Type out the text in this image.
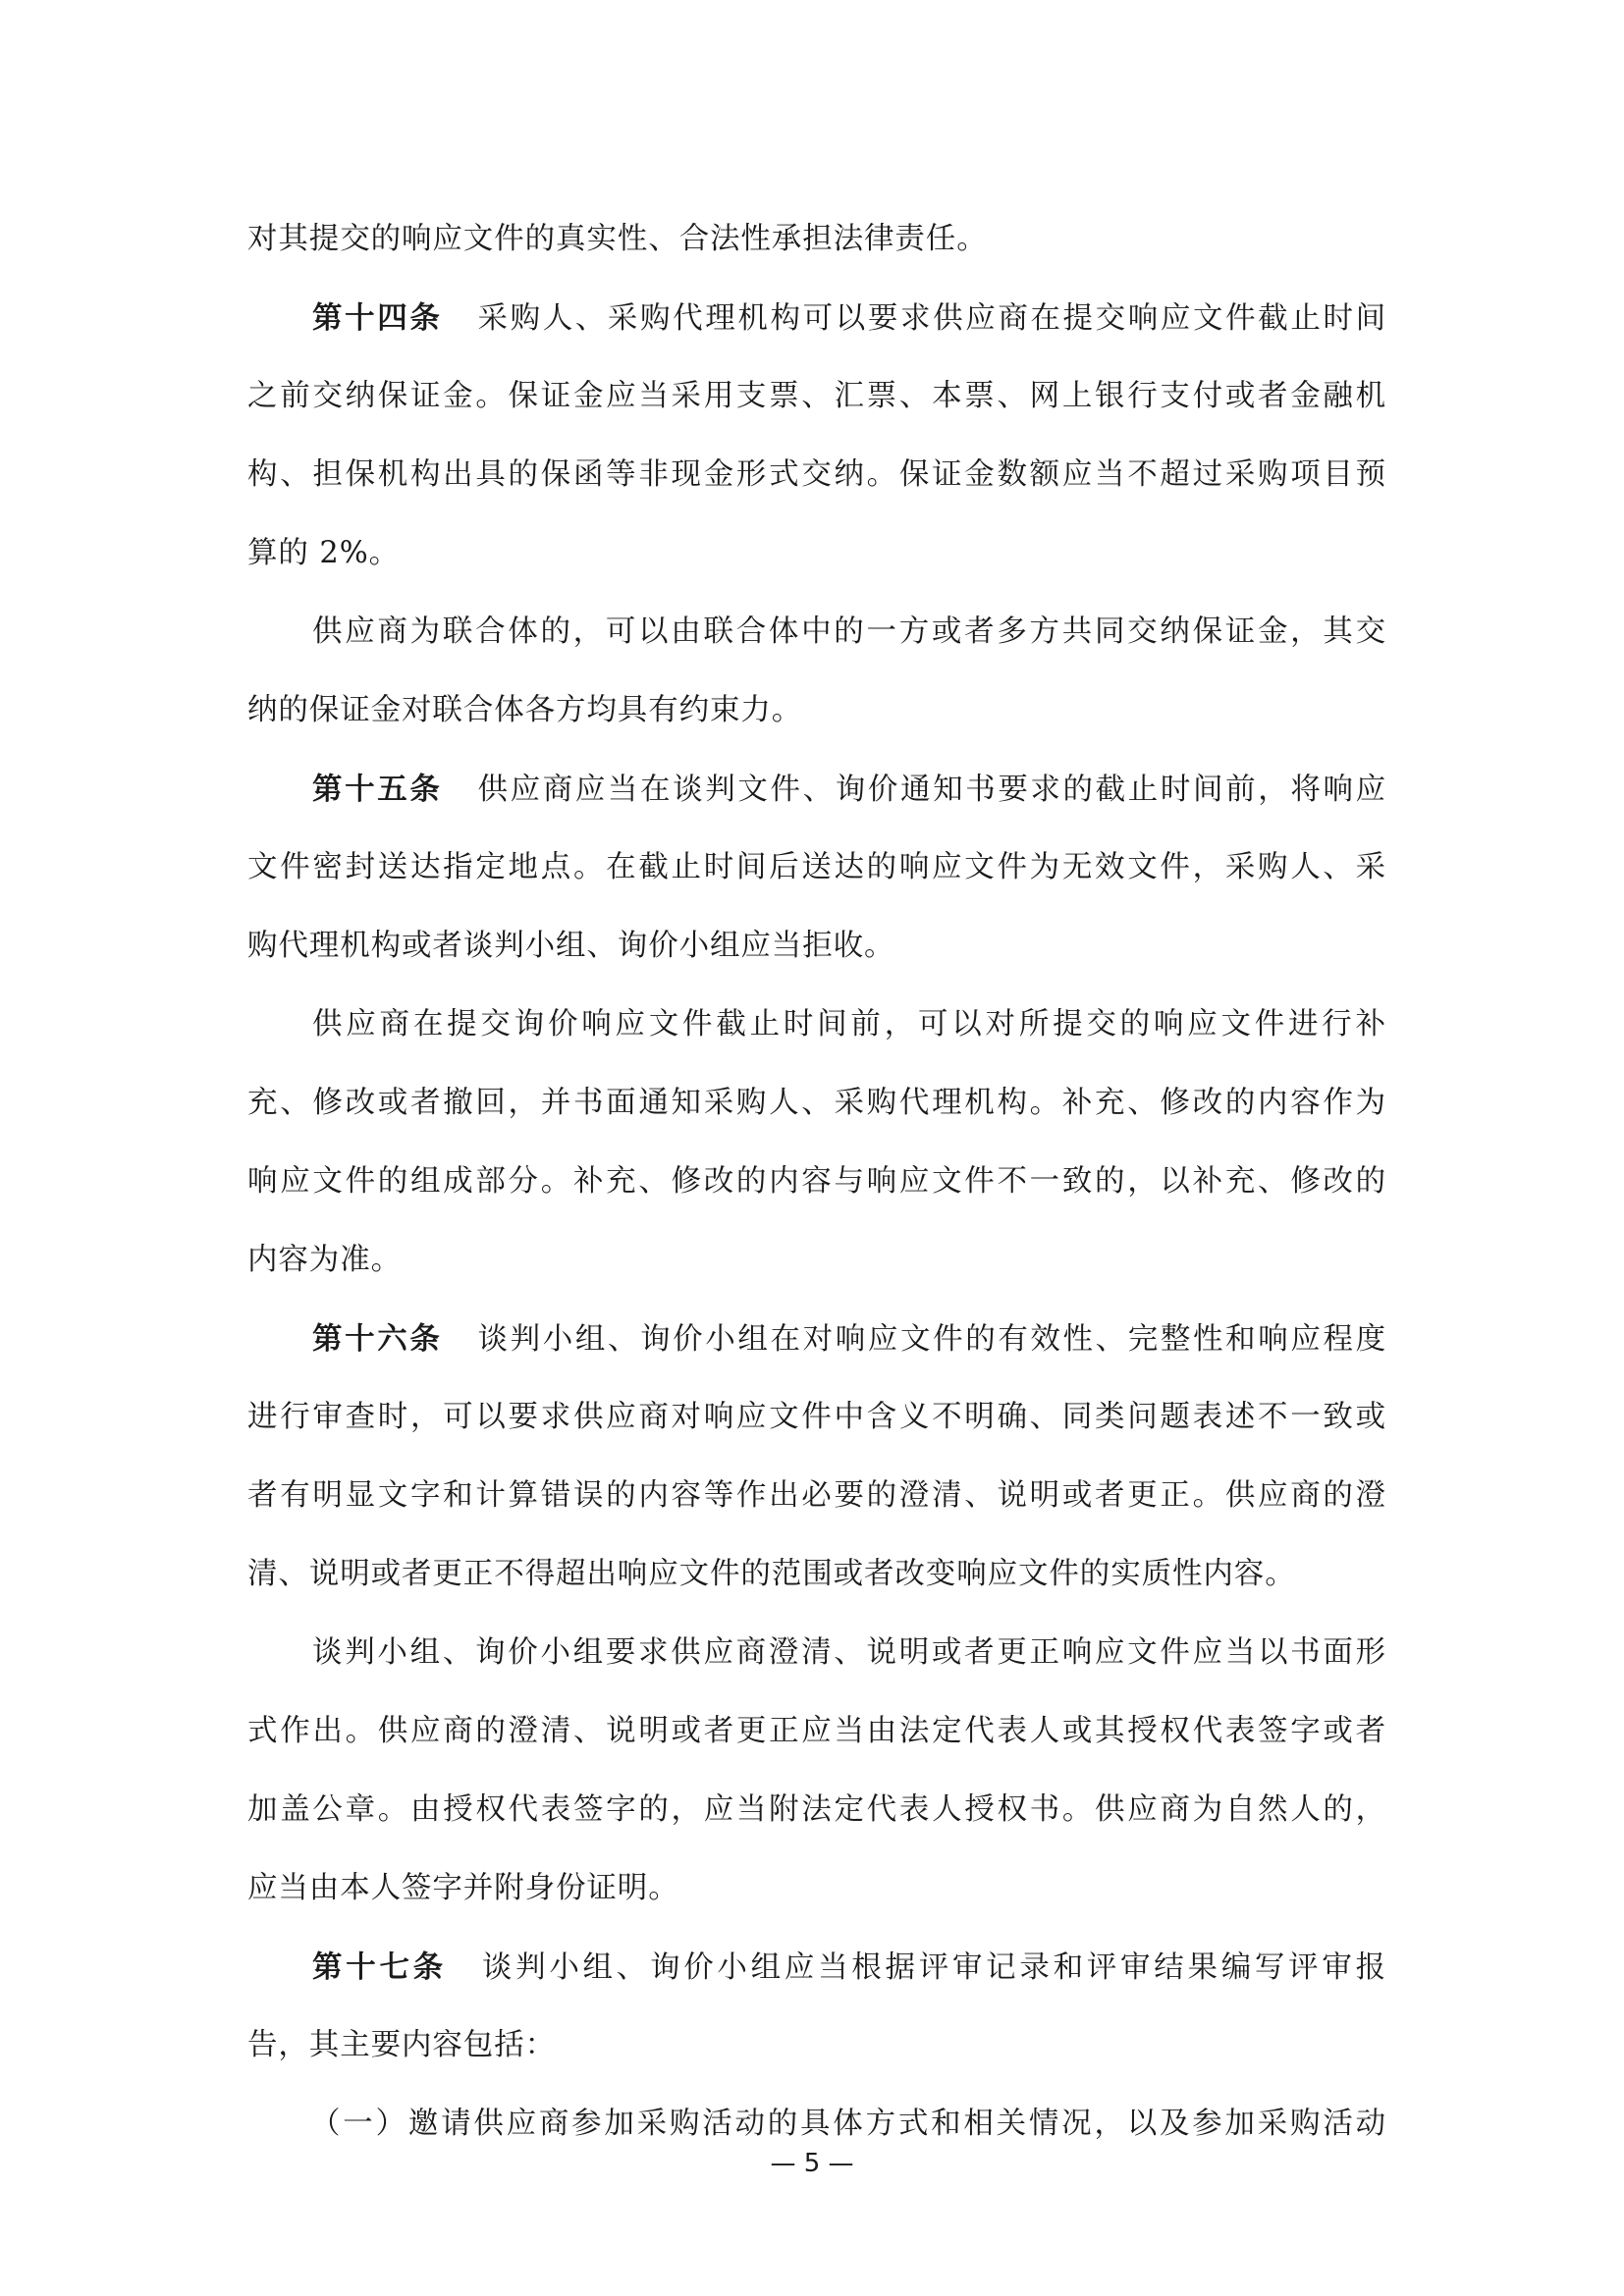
对其提交的响应文件的真实性、合法性承担法律责任。
第十四条 采购人、采购代理机构可以要求供应商在提交响应文件截止时间
之前交纳保证金。保证金应当采用支票、汇票、本票、网上银行支付或者金融机
构、担保机构出具的保函等非现金形式交纳。保证金数额应当不超过采购项目预
算的 2%。
供应商为联合体的，可以由联合体中的一方或者多方共同交纳保证金，其交
纳的保证金对联合体各方均具有约束力。
第十五条 供应商应当在谈判文件、询价通知书要求的截止时间前，将响应
文件密封送达指定地点。在截止时间后送达的响应文件为无效文件，采购人、采
购代理机构或者谈判小组、询价小组应当拒收。
供应商在提交询价响应文件截止时间前，可以对所提交的响应文件进行补
充、修改或者撤回，并书面通知采购人、采购代理机构。补充、修改的内容作为
响应文件的组成部分。补充、修改的内容与响应文件不一致的，以补充、修改的
内容为准。
第十六条 谈判小组、询价小组在对响应文件的有效性、完整性和响应程度
进行审查时，可以要求供应商对响应文件中含义不明确、同类问题表述不一致或
者有明显文字和计算错误的内容等作出必要的澄清、说明或者更正。供应商的澄
清、说明或者更正不得超出响应文件的范围或者改变响应文件的实质性内容。
谈判小组、询价小组要求供应商澄清、说明或者更正响应文件应当以书面形
式作出。供应商的澄清、说明或者更正应当由法定代表人或其授权代表签字或者
加盖公章。由授权代表签字的，应当附法定代表人授权书。供应商为自然人的，
应当由本人签字并附身份证明。
第十七条 谈判小组、询价小组应当根据评审记录和评审结果编写评审报
告，其主要内容包括：
（一）邀请供应商参加采购活动的具体方式和相关情况，以及参加采购活动
— 5 —
